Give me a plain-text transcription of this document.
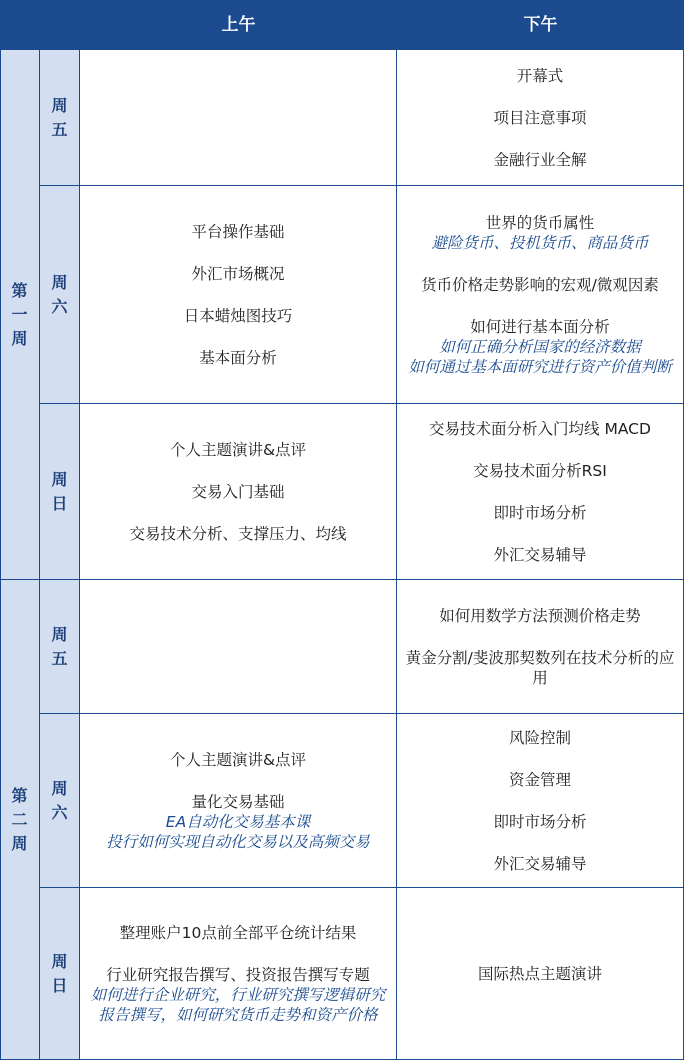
上午	下午
第
一
周
周
五

开幕式

项目注意事项

金融行业全解

周
六

平台操作基础

外汇市场概况

日本蜡烛图技巧

基本面分析

世界的货币属性

避险货币、投机货币、商品货币

货币价格走势影响的宏观/微观因素

如何进行基本面分析

如何正确分析国家的经济数据

如何通过基本面研究进行资产价值判断

周
日

个人主题演讲&点评

交易入门基础

交易技术分析、支撑压力、均线

交易技术面分析入门均线 MACD

交易技术面分析RSI

即时市场分析

外汇交易辅导

第
二
周
周
五

如何用数学方法预测价格走势

黄金分割/斐波那契数列在技术分析的应用

周
六

个人主题演讲&点评

量化交易基础

EA自动化交易基本课

投行如何实现自动化交易以及高频交易

风险控制

资金管理

即时市场分析

外汇交易辅导

周
日

整理账户10点前全部平仓统计结果

行业研究报告撰写、投资报告撰写专题

如何进行企业研究，行业研究撰写逻辑研究报告撰写，如何研究货币走势和资产价格

国际热点主题演讲
